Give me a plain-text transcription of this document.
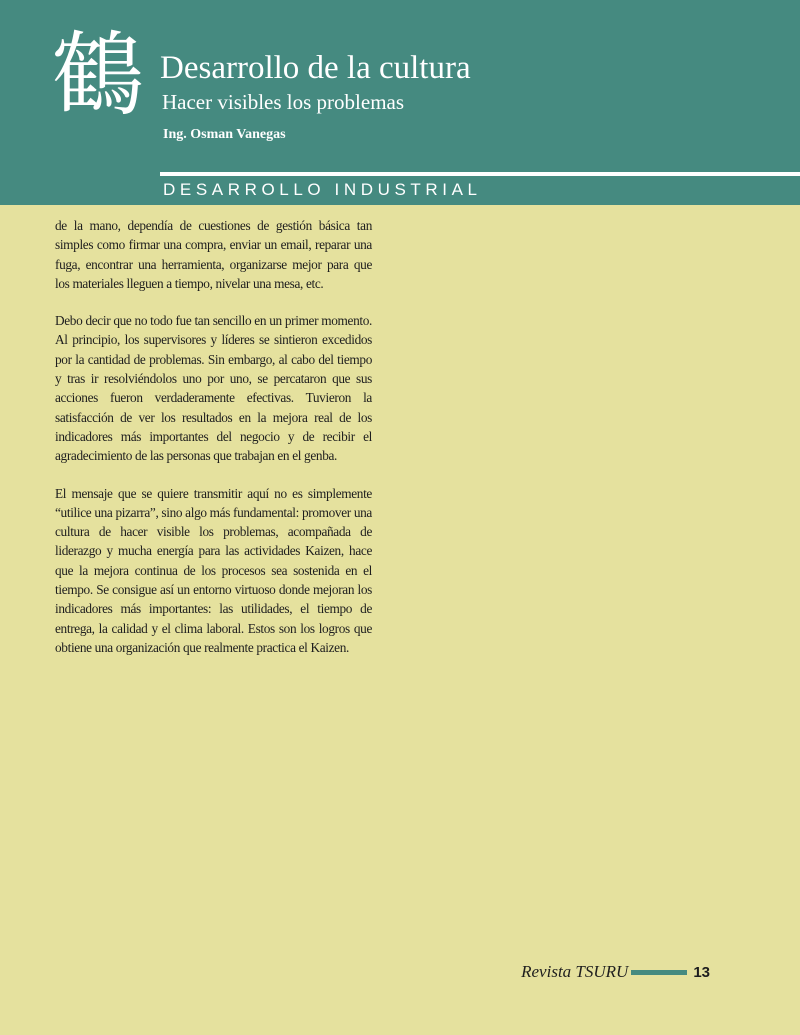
鶴 Desarrollo de la cultura
Hacer visibles los problemas
Ing. Osman Vanegas
DESARROLLO INDUSTRIAL

de la mano, dependía de cuestiones de gestión básica tan simples como firmar una compra, enviar un email, reparar una fuga, encontrar una herramienta, organizarse mejor para que los materiales lleguen a tiempo, nivelar una mesa, etc.

Debo decir que no todo fue tan sencillo en un primer momento. Al principio, los supervisores y líderes se sintieron excedidos por la cantidad de problemas. Sin embargo, al cabo del tiempo y tras ir resolviéndolos uno por uno, se percataron que sus acciones fueron verdaderamente efectivas. Tuvieron la satisfacción de ver los resultados en la mejora real de los indicadores más importantes del negocio y de recibir el agradecimiento de las personas que trabajan en el genba.

El mensaje que se quiere transmitir aquí no es simplemente “utilice una pizarra”, sino algo más fundamental: promover una cultura de hacer visible los problemas, acompañada de liderazgo y mucha energía para las actividades Kaizen, hace que la mejora continua de los procesos sea sostenida en el tiempo. Se consigue así un entorno virtuoso donde mejoran los indicadores más importantes: las utilidades, el tiempo de entrega, la calidad y el clima laboral. Estos son los logros que obtiene una organización que realmente practica el Kaizen.

Revista TSURU	13
